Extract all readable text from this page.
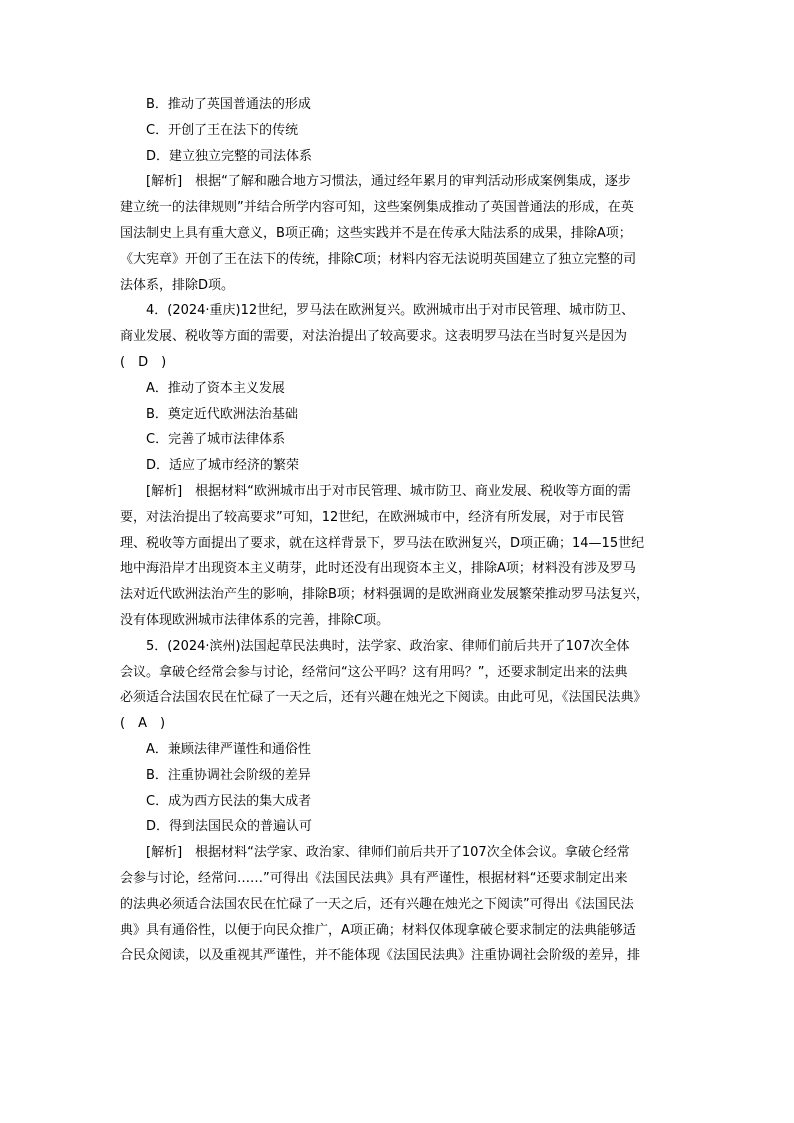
B．推动了英国普通法的形成
C．开创了王在法下的传统
D．建立独立完整的司法体系
[解析]　根据“了解和融合地方习惯法，通过经年累月的审判活动形成案例集成，逐步
建立统一的法律规则”并结合所学内容可知，这些案例集成推动了英国普通法的形成，在英
国法制史上具有重大意义，B项正确；这些实践并不是在传承大陆法系的成果，排除A项；
《大宪章》开创了王在法下的传统，排除C项；材料内容无法说明英国建立了独立完整的司
法体系，排除D项。
4．(2024·重庆)12世纪，罗马法在欧洲复兴。欧洲城市出于对市民管理、城市防卫、
商业发展、税收等方面的需要，对法治提出了较高要求。这表明罗马法在当时复兴是因为
(　D　)
A．推动了资本主义发展
B．奠定近代欧洲法治基础
C．完善了城市法律体系
D．适应了城市经济的繁荣
[解析]　根据材料“欧洲城市出于对市民管理、城市防卫、商业发展、税收等方面的需
要，对法治提出了较高要求”可知，12世纪，在欧洲城市中，经济有所发展，对于市民管
理、税收等方面提出了要求，就在这样背景下，罗马法在欧洲复兴，D项正确；14—15世纪
地中海沿岸才出现资本主义萌芽，此时还没有出现资本主义，排除A项；材料没有涉及罗马
法对近代欧洲法治产生的影响，排除B项；材料强调的是欧洲商业发展繁荣推动罗马法复兴，
没有体现欧洲城市法律体系的完善，排除C项。
5．(2024·滨州)法国起草民法典时，法学家、政治家、律师们前后共开了107次全体
会议。拿破仑经常会参与讨论，经常问“这公平吗？这有用吗？”，还要求制定出来的法典
必须适合法国农民在忙碌了一天之后，还有兴趣在烛光之下阅读。由此可见，《法国民法典》
(　A　)
A．兼顾法律严谨性和通俗性
B．注重协调社会阶级的差异
C．成为西方民法的集大成者
D．得到法国民众的普遍认可
[解析]　根据材料“法学家、政治家、律师们前后共开了107次全体会议。拿破仑经常
会参与讨论，经常问……”可得出《法国民法典》具有严谨性，根据材料“还要求制定出来
的法典必须适合法国农民在忙碌了一天之后，还有兴趣在烛光之下阅读”可得出《法国民法
典》具有通俗性，以便于向民众推广，A项正确；材料仅体现拿破仑要求制定的法典能够适
合民众阅读，以及重视其严谨性，并不能体现《法国民法典》注重协调社会阶级的差异，排
